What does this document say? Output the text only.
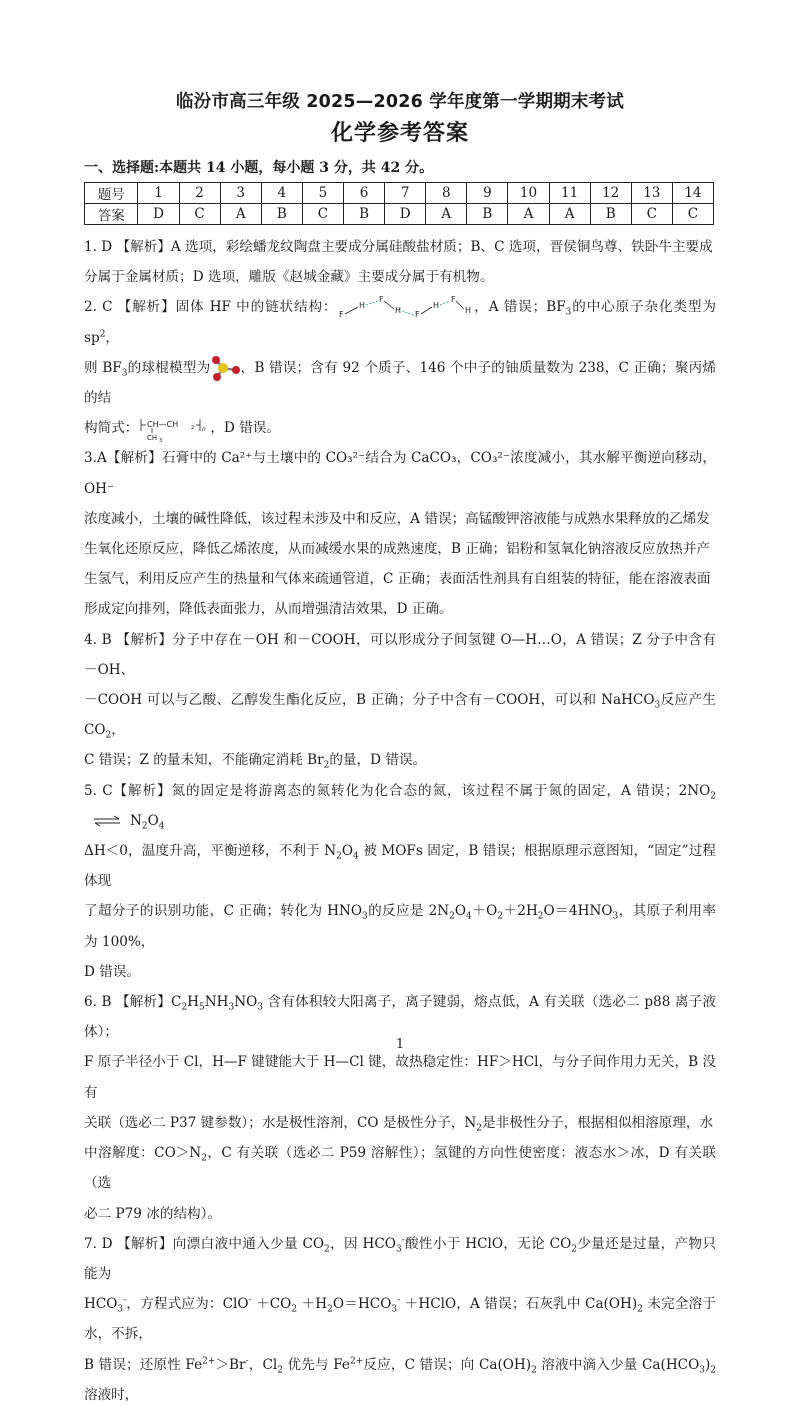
临汾市高三年级 2025—2026 学年度第一学期期末考试
化学参考答案
一、选择题:本题共 14 小题，每小题 3 分，共 42 分。
题号	1	2	3	4	5	6	7	8	9	10	11	12	13	14
答案	D	C	A	B	C	B	D	A	B	A	A	B	C	C
1. D 【解析】A 选项，彩绘蟠龙纹陶盘主要成分属硅酸盐材质；B、C 选项，晋侯铜鸟尊、铁卧牛主要成
分属于金属材质；D 选项，雕版《赵城金藏》主要成分属于有机物。
2. C 【解析】固体 HF 中的链状结构： F
H
F
H F
H
F
H ，A 错误；$BF_3$的中心原子杂化类型为 $sp^2$，
则 $BF_3$的球棍模型为 ，B 错误；含有 92 个质子、146 个中子的铀质量数为 238，C 正确；聚丙烯的结
构简式： CH—CH	2 n
CH 3
，D 错误。
3.A【解析】石膏中的 Ca²⁺与土壤中的 CO₃²⁻结合为 CaCO₃，CO₃²⁻浓度减小，其水解平衡逆向移动，OH⁻
浓度减小，土壤的碱性降低，该过程未涉及中和反应，A 错误；高锰酸钾溶液能与成熟水果释放的乙烯发
生氧化还原反应，降低乙烯浓度，从而减缓水果的成熟速度，B 正确；铝粉和氢氧化钠溶液反应放热并产
生氢气，利用反应产生的热量和气体来疏通管道，C 正确；表面活性剂具有自组装的特征，能在溶液表面
形成定向排列，降低表面张力，从而增强清洁效果，D 正确。
4. B 【解析】分子中存在－OH 和－COOH，可以形成分子间氢键 O—H…O，A 错误；Z 分子中含有－OH、
－COOH 可以与乙酸、乙醇发生酯化反应，B 正确；分子中含有－COOH，可以和 NaHCO$_3$反应产生 $CO_2$，
C 错误；Z 的量未知，不能确定消耗 $Br_2$的量，D 错误。
5. C【解析】氮的固定是将游离态的氮转化为化合态的氮，该过程不属于氮的固定，A 错误；$2NO_2\rightleftharpoons$ $N_2O_4$
ΔH＜0，温度升高，平衡逆移，不利于 $N_2O_4$ 被 MOFs 固定，B 错误；根据原理示意图知，“固定”过程体现
了超分子的识别功能，C 正确；转化为 $HNO_3$的反应是 $2N_2O_4+O_2+2H_2O=4HNO_3$，其原子利用率为 100%，
D 错误。
6. B 【解析】$C_2H_5NH_3NO_3$ 含有体积较大阳离子，离子键弱，熔点低，A 有关联（选必二 p88 离子液体）；
F 原子半径小于 Cl，H—F 键键能大于 H—Cl 键，故热稳定性：HF＞HCl，与分子间作用力无关，B 没有
关联（选必二 P37 键参数）；水是极性溶剂，CO 是极性分子，$N_2$是非极性分子，根据相似相溶原理，水
中溶解度：$CO>N_2$，C 有关联（选必二 P59 溶解性）；氢键的方向性使密度：液态水＞冰，D 有关联（选
必二 P79 冰的结构）。
7. D 【解析】向漂白液中通入少量 $CO_2$，因 $HCO_3^-$酸性小于 HClO，无论 $CO_2$少量还是过量，产物只能为
$HCO_3^-$，方程式应为：$ClO^- +CO_2 +H_2O=HCO_3^-$ ＋HClO，A 错误；石灰乳中 $Ca(OH)_2$ 未完全溶于水，不拆，
B 错误；还原性 $Fe^{2+}>Br^-$，$Cl_2$ 优先与 $Fe^{2+}$反应，C 错误；向 $Ca(OH)_2$ 溶液中滴入少量 $Ca(HCO_3)_2$ 溶液时，
1
